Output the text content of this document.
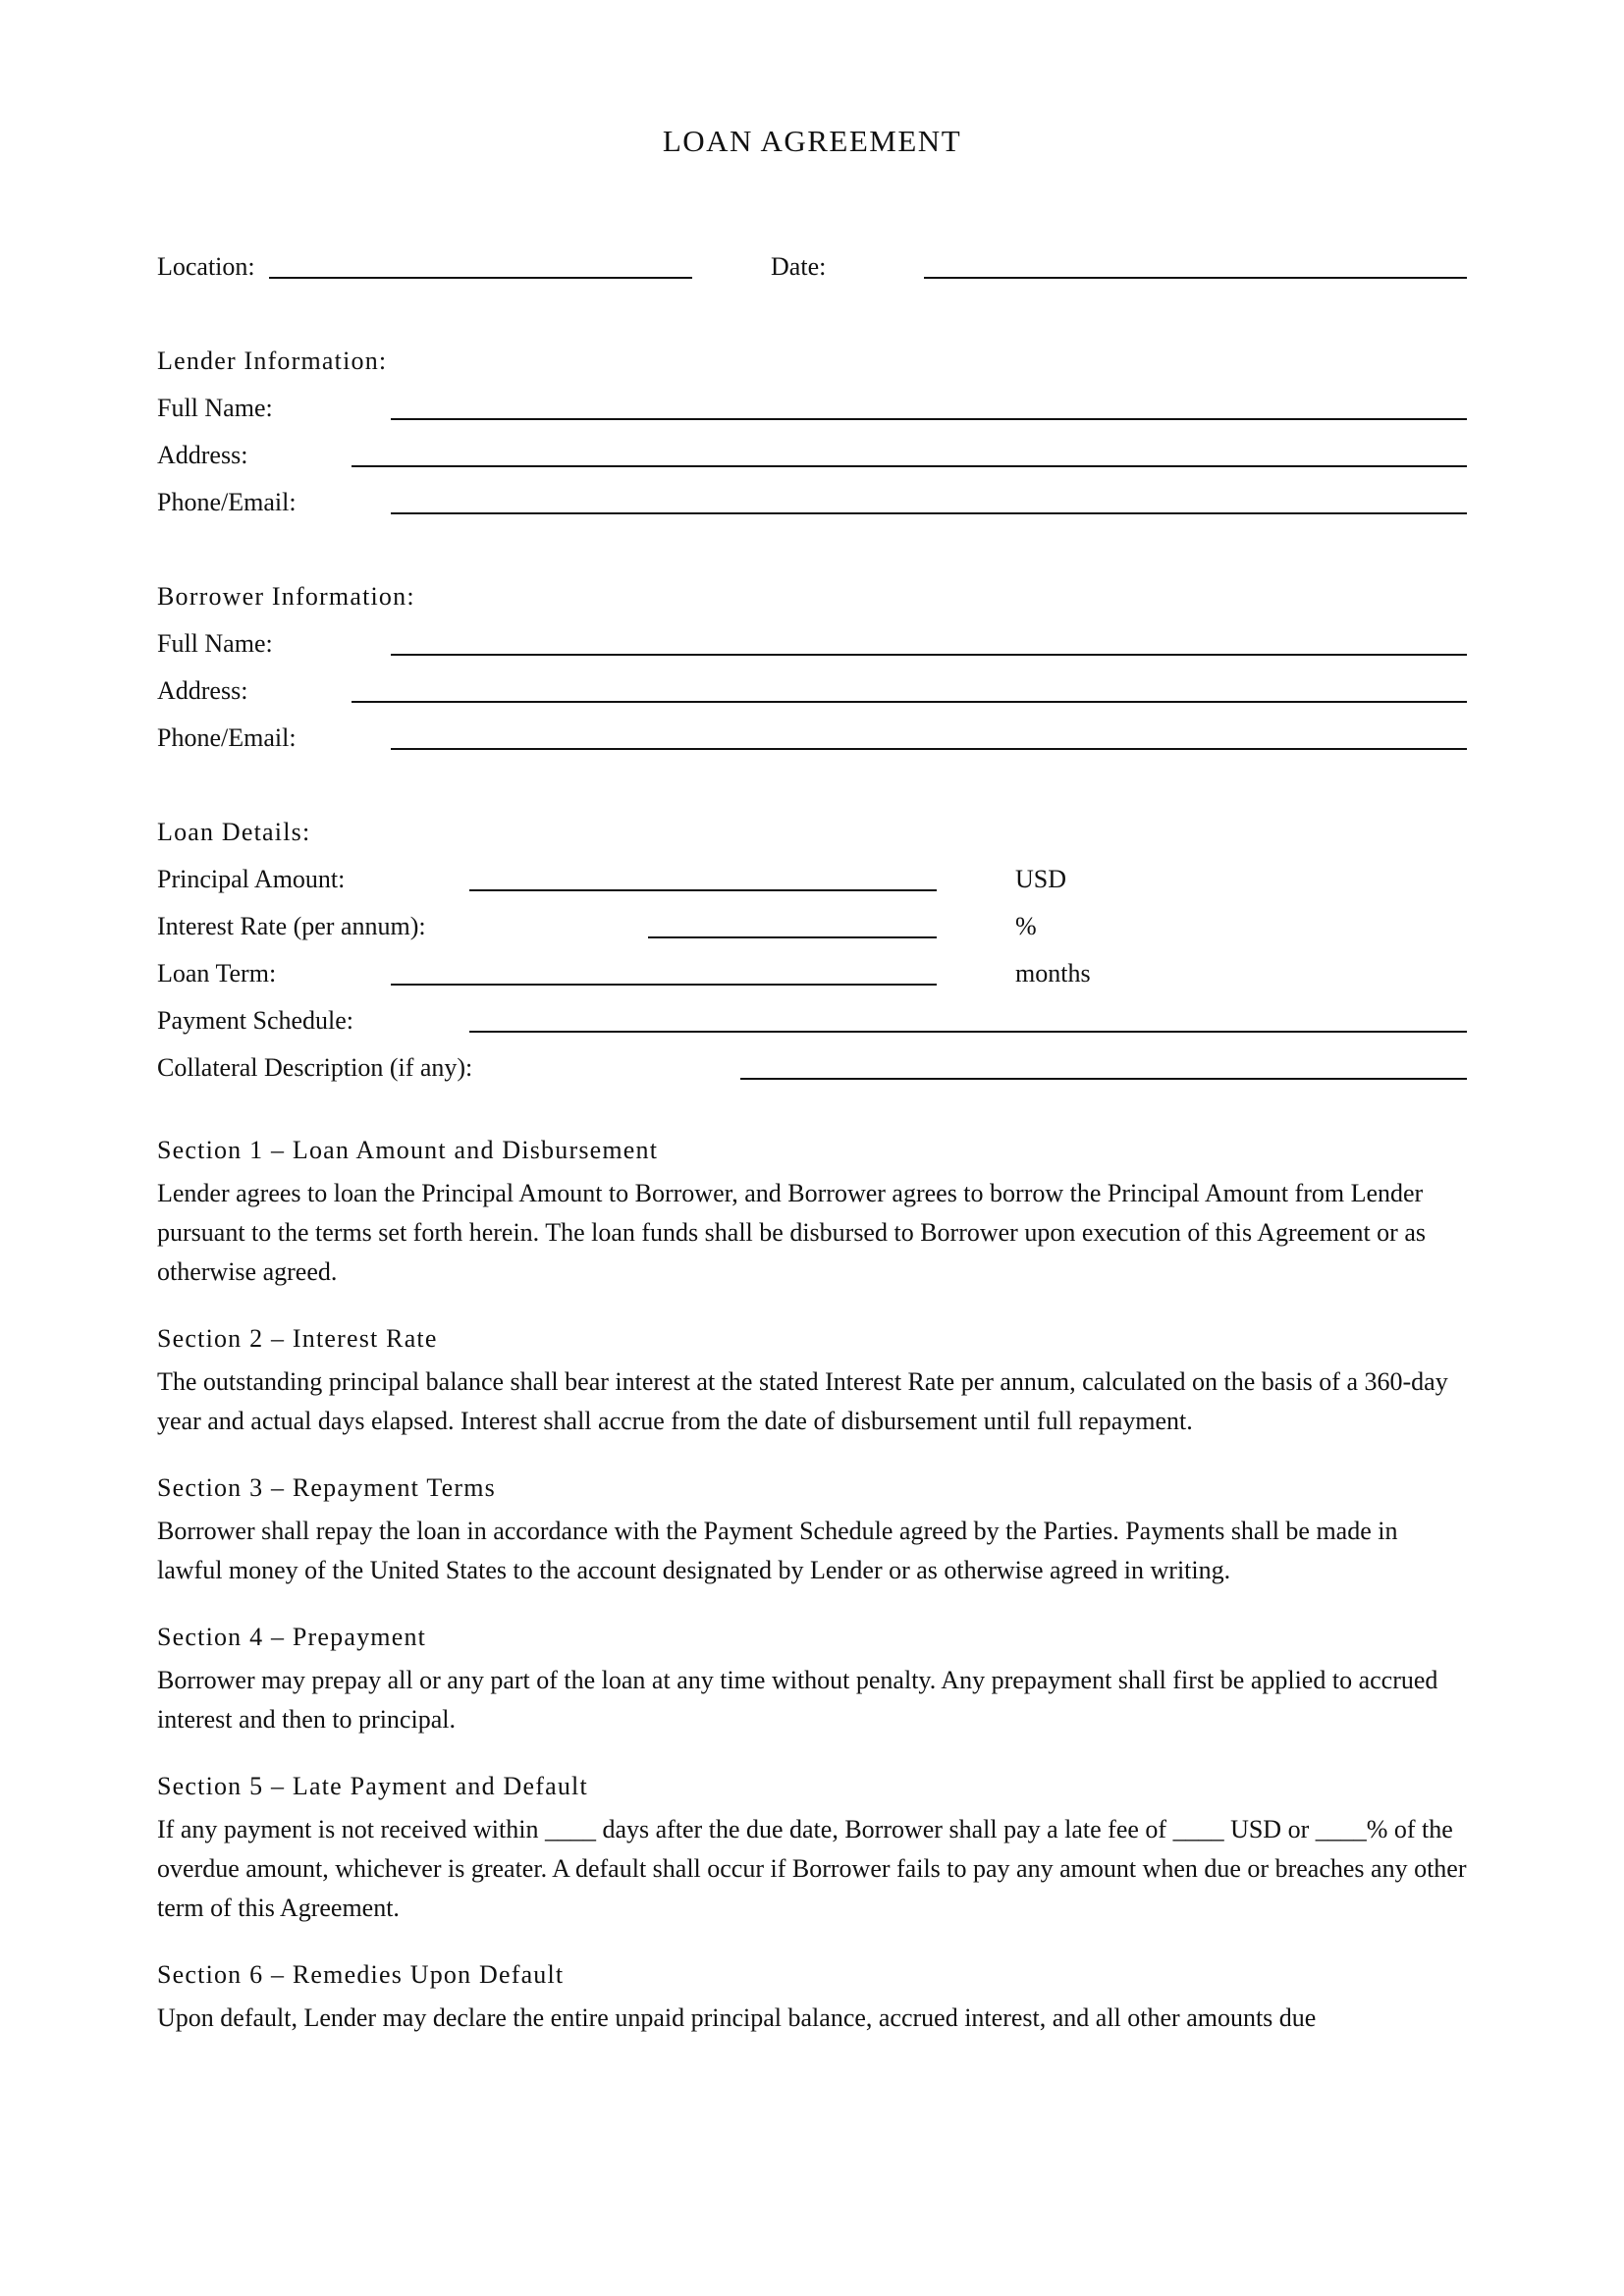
LOAN AGREEMENT
Location:	Date:
Lender Information:
Full Name:
Address:
Phone/Email:
Borrower Information:
Full Name:
Address:
Phone/Email:
Loan Details:
Principal Amount:	USD
Interest Rate (per annum):	%
Loan Term:	months
Payment Schedule:
Collateral Description (if any):
Section 1 – Loan Amount and Disbursement

Lender agrees to loan the Principal Amount to Borrower, and Borrower agrees to borrow the Principal Amount from Lender pursuant to the terms set forth herein. The loan funds shall be disbursed to Borrower upon execution of this Agreement or as otherwise agreed.

Section 2 – Interest Rate

The outstanding principal balance shall bear interest at the stated Interest Rate per annum, calculated on the basis of a 360-day year and actual days elapsed. Interest shall accrue from the date of disbursement until full repayment.

Section 3 – Repayment Terms

Borrower shall repay the loan in accordance with the Payment Schedule agreed by the Parties. Payments shall be made in lawful money of the United States to the account designated by Lender or as otherwise agreed in writing.

Section 4 – Prepayment

Borrower may prepay all or any part of the loan at any time without penalty. Any prepayment shall first be applied to accrued interest and then to principal.

Section 5 – Late Payment and Default

If any payment is not received within ____ days after the due date, Borrower shall pay a late fee of ____ USD or ____% of the overdue amount, whichever is greater. A default shall occur if Borrower fails to pay any amount when due or breaches any other term of this Agreement.

Section 6 – Remedies Upon Default

Upon default, Lender may declare the entire unpaid principal balance, accrued interest, and all other amounts due
